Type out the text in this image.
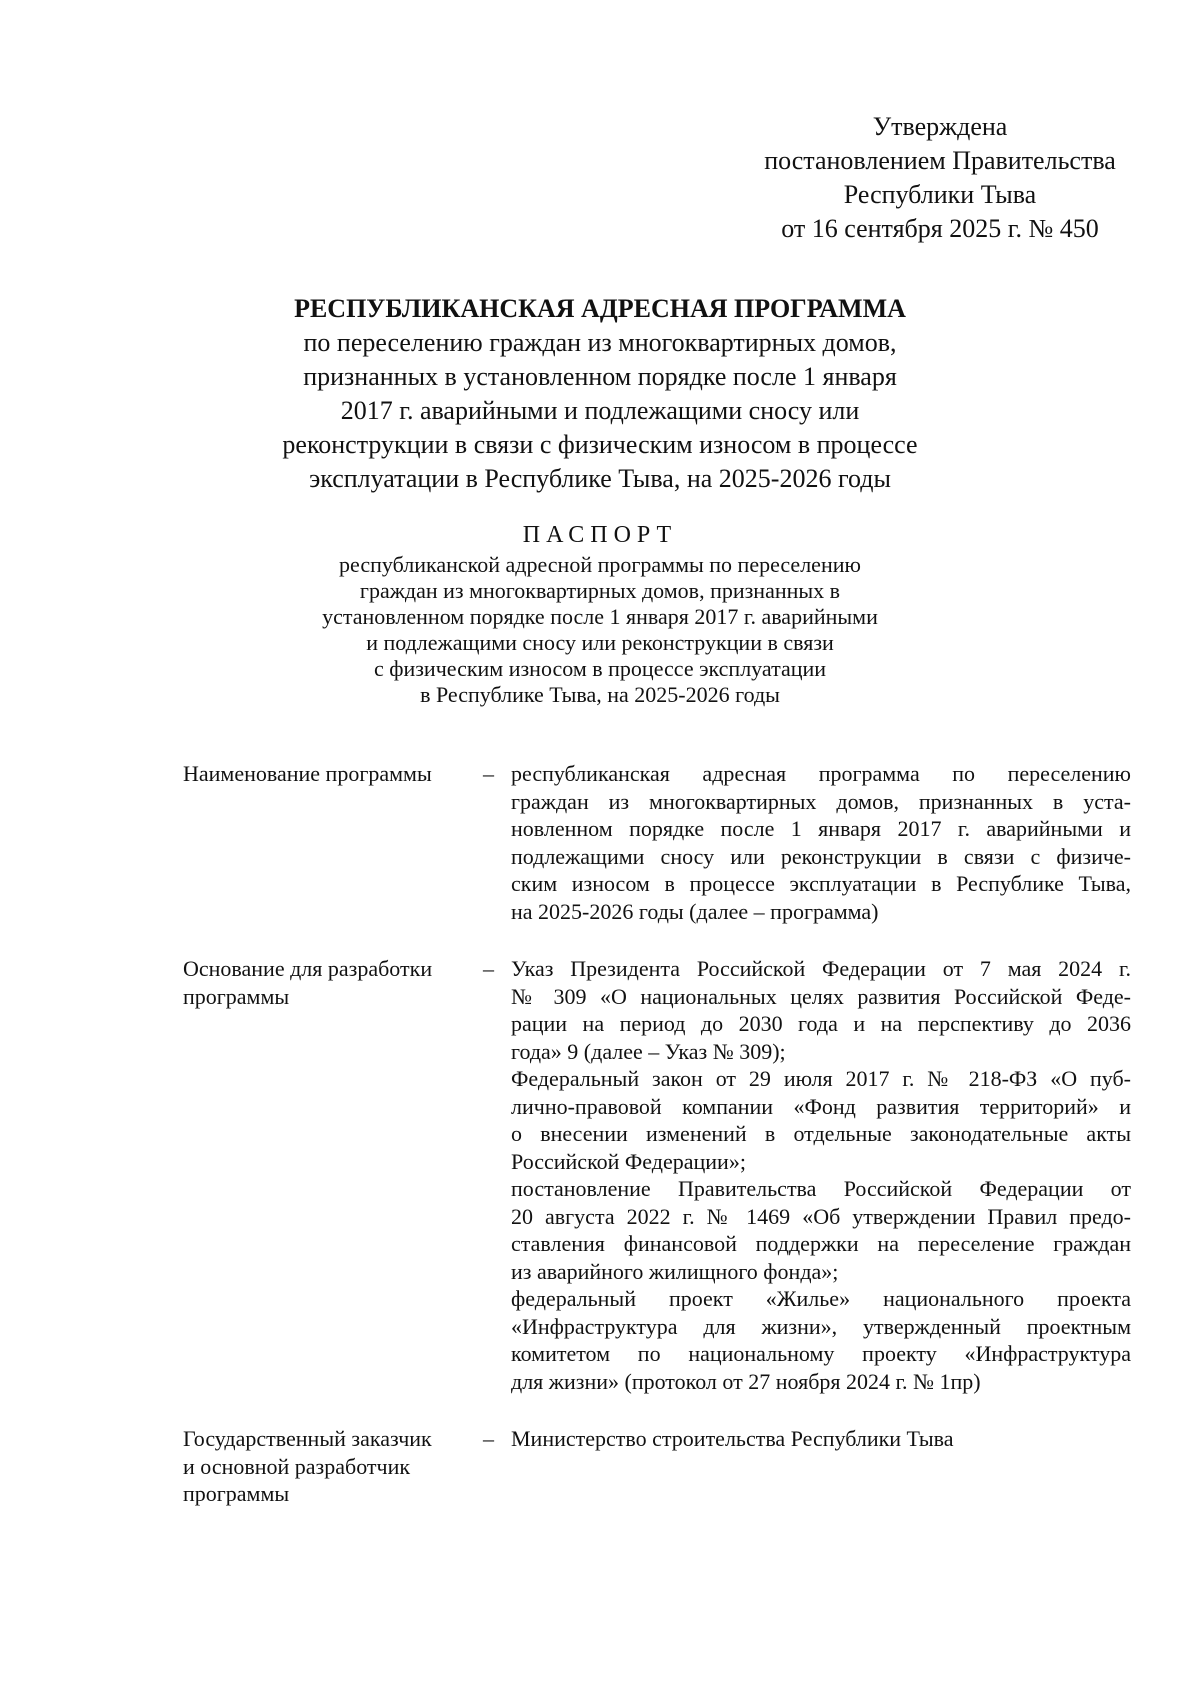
Утверждена
постановлением Правительства
Республики Тыва
от 16 сентября 2025 г. № 450
РЕСПУБЛИКАНСКАЯ АДРЕСНАЯ ПРОГРАММА
по переселению граждан из многоквартирных домов,
признанных в установленном порядке после 1 января
2017 г. аварийными и подлежащими сносу или
реконструкции в связи с физическим износом в процессе
эксплуатации в Республике Тыва, на 2025-2026 годы
ПАСПОРТ
республиканской адресной программы по переселению
граждан из многоквартирных домов, признанных в
установленном порядке после 1 января 2017 г. аварийными
и подлежащими сносу или реконструкции в связи
с физическим износом в процессе эксплуатации
в Республике Тыва, на 2025-2026 годы
Наименование программы	– республиканская адресная программа по переселению
граждан из многоквартирных домов, признанных в уста-
новленном порядке после 1 января 2017 г. аварийными и
подлежащими сносу или реконструкции в связи с физиче-
ским износом в процессе эксплуатации в Республике Тыва,
на 2025-2026 годы (далее – программа)
Основание для разработки
программы
– Указ Президента Российской Федерации от 7 мая 2024 г.
№ 309 «О национальных целях развития Российской Феде-
рации на период до 2030 года и на перспективу до 2036
года» 9 (далее – Указ № 309);
Федеральный закон от 29 июля 2017 г. № 218-ФЗ «О пуб-
лично-правовой компании «Фонд развития территорий» и
о внесении изменений в отдельные законодательные акты
Российской Федерации»;
постановление Правительства Российской Федерации от
20 августа 2022 г. № 1469 «Об утверждении Правил предо-
ставления финансовой поддержки на переселение граждан
из аварийного жилищного фонда»;
федеральный проект «Жилье» национального проекта
«Инфраструктура для жизни», утвержденный проектным
комитетом по национальному проекту «Инфраструктура
для жизни» (протокол от 27 ноября 2024 г. № 1пр)
Государственный заказчик
и основной разработчик
программы
– Министерство строительства Республики Тыва
